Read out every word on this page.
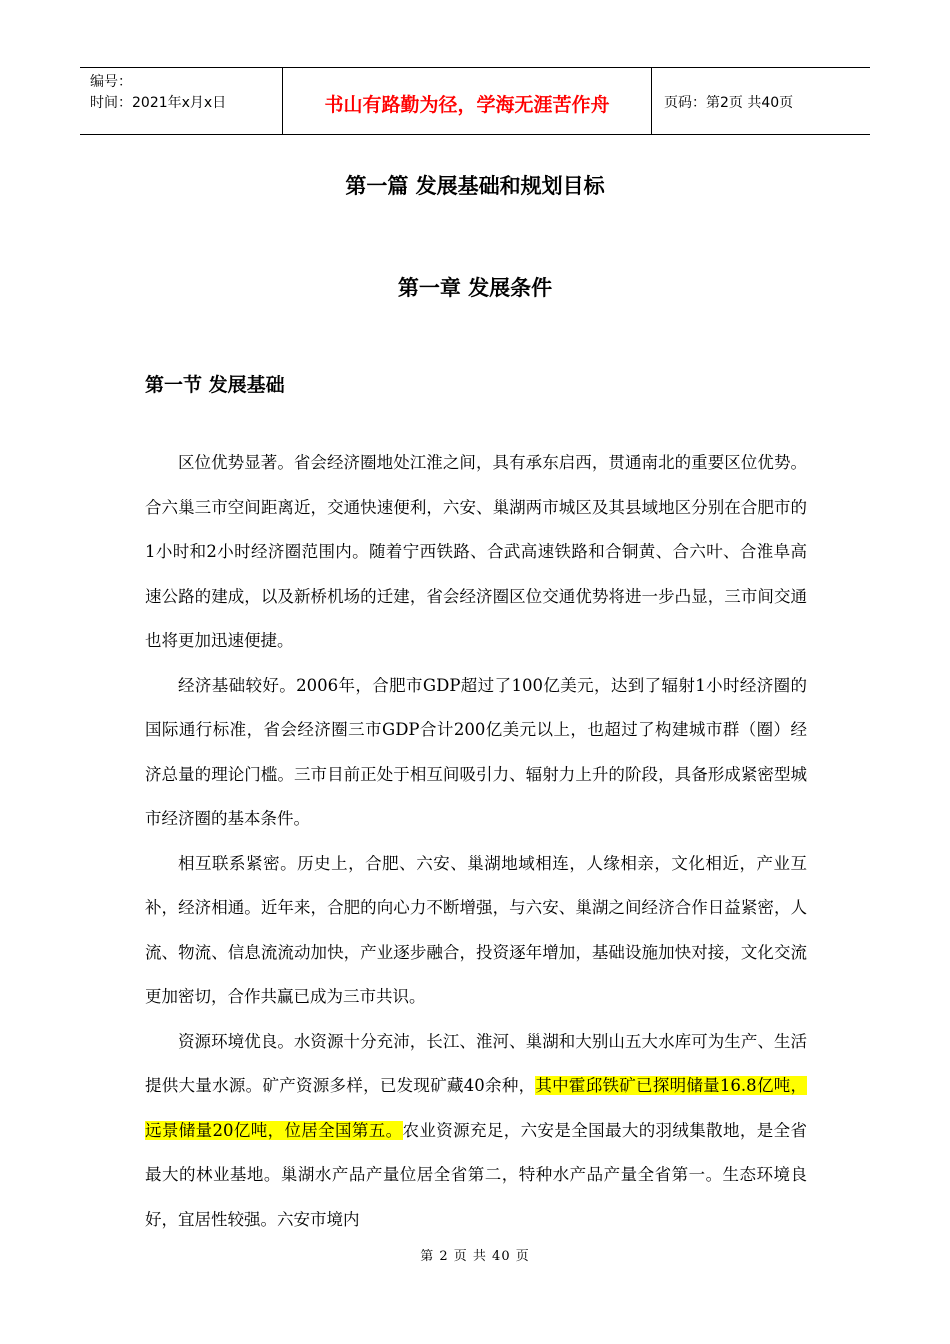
编号：
时间：2021年x月x日	书山有路勤为径，学海无涯苦作舟	页码：第2页 共40页
第一篇 发展基础和规划目标
第一章 发展条件
第一节 发展基础

区位优势显著。省会经济圈地处江淮之间，具有承东启西，贯通南北的重要区位优势。合六巢三市空间距离近，交通快速便利，六安、巢湖两市城区及其县域地区分别在合肥市的1小时和2小时经济圈范围内。随着宁西铁路、合武高速铁路和合铜黄、合六叶、合淮阜高速公路的建成，以及新桥机场的迁建，省会经济圈区位交通优势将进一步凸显，三市间交通也将更加迅速便捷。

经济基础较好。2006年，合肥市GDP超过了100亿美元，达到了辐射1小时经济圈的国际通行标准，省会经济圈三市GDP合计200亿美元以上，也超过了构建城市群（圈）经济总量的理论门槛。三市目前正处于相互间吸引力、辐射力上升的阶段，具备形成紧密型城市经济圈的基本条件。

相互联系紧密。历史上，合肥、六安、巢湖地域相连，人缘相亲，文化相近，产业互补，经济相通。近年来，合肥的向心力不断增强，与六安、巢湖之间经济合作日益紧密，人流、物流、信息流流动加快，产业逐步融合，投资逐年增加，基础设施加快对接，文化交流更加密切，合作共赢已成为三市共识。

资源环境优良。水资源十分充沛，长江、淮河、巢湖和大别山五大水库可为生产、生活提供大量水源。矿产资源多样，已发现矿藏40余种，其中霍邱铁矿已探明储量16.8亿吨，远景储量20亿吨，位居全国第五。农业资源充足，六安是全国最大的羽绒集散地，是全省最大的林业基地。巢湖水产品产量位居全省第二，特种水产品产量全省第一。生态环境良好，宜居性较强。六安市境内

第 2 页 共 40 页
